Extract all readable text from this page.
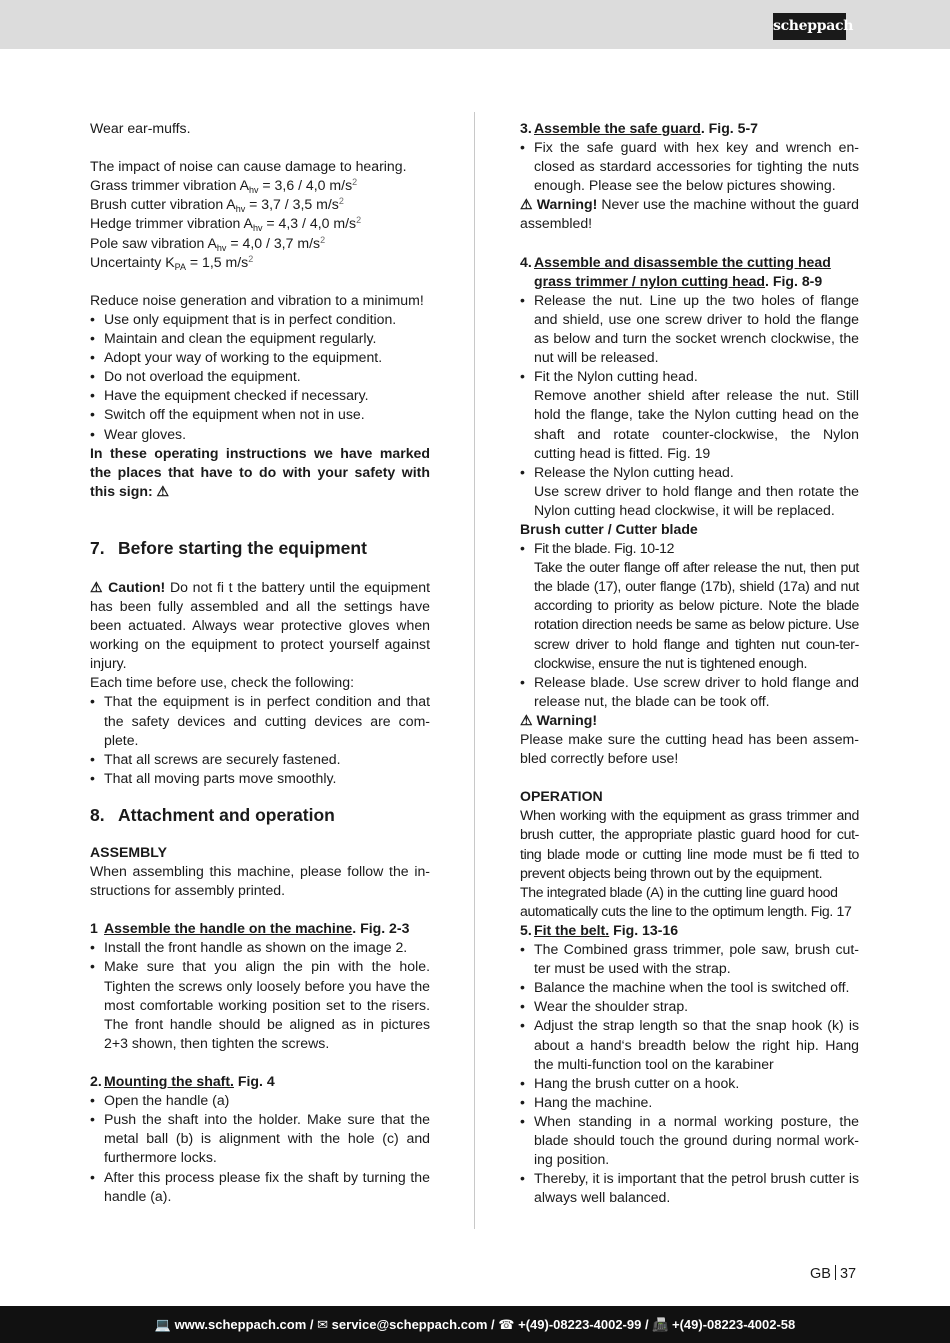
scheppach

Wear ear-muffs.

The impact of noise can cause damage to hearing.

Grass trimmer vibration $A_{hv} = 3,6 / 4,0$ $m/s^2$

Brush cutter vibration $A_{hv} = 3,7 / 3,5$ $m/s^2$

Hedge trimmer vibration $A_{hv} = 4,3 / 4,0$ $m/s^2$

Pole saw vibration $A_{hv} = 4,0 / 3,7$ $m/s^2$

Uncertainty $K_{PA} = 1,5$ $m/s^2$

Reduce noise generation and vibration to a minimum!

• Use only equipment that is in perfect condition.
• Maintain and clean the equipment regularly.
• Adopt your way of working to the equipment.
• Do not overload the equipment.
• Have the equipment checked if necessary.
• Switch off the equipment when not in use.
• Wear gloves.

In these operating instructions we have marked the places that have to do with your safety with this sign: ⚠

7. Before starting the equipment

⚠ Caution! Do not fi t the battery until the equipment has been fully assembled and all the settings have been actuated. Always wear protective gloves when working on the equipment to protect yourself against injury.

Each time before use, check the following:

• That the equipment is in perfect condition and that the safety devices and cutting devices are com-plete.
• That all screws are securely fastened.
• That all moving parts move smoothly.

8. Attachment and operation

ASSEMBLY

When assembling this machine, please follow the in-structions for assembly printed.

1 Assemble the handle on the machine. Fig. 2-3

• Install the front handle as shown on the image 2.
• Make sure that you align the pin with the hole. Tighten the screws only loosely before you have the most comfortable working position set to the risers. The front handle should be aligned as in pictures 2+3 shown, then tighten the screws.

2. Mounting the shaft. Fig. 4

• Open the handle (a)
• Push the shaft into the holder. Make sure that the metal ball (b) is alignment with the hole (c) and furthermore locks.
• After this process please fix the shaft by turning the handle (a).

3. Assemble the safe guard. Fig. 5-7

• Fix the safe guard with hex key and wrench en-closed as stardard accessories for tighting the nuts enough. Please see the below pictures showing.

⚠ Warning! Never use the machine without the guard assembled!

4. Assemble and disassemble the cutting head grass trimmer / nylon cutting head. Fig. 8-9

• Release the nut. Line up the two holes of flange and shield, use one screw driver to hold the flange as below and turn the socket wrench clockwise, the nut will be released.
• Fit the Nylon cutting head.
Remove another shield after release the nut. Still hold the flange, take the Nylon cutting head on the shaft and rotate counter-clockwise, the Nylon cutting head is fitted. Fig. 19
• Release the Nylon cutting head.
Use screw driver to hold flange and then rotate the Nylon cutting head clockwise, it will be replaced.

Brush cutter / Cutter blade

• Fit the blade. Fig. 10-12
Take the outer flange off after release the nut, then put the blade (17), outer flange (17b), shield (17a) and nut according to priority as below picture. Note the blade rotation direction needs be same as below picture. Use screw driver to hold flange and tighten nut coun-ter-clockwise, ensure the nut is tightened enough.
• Release blade. Use screw driver to hold flange and release nut, the blade can be took off.

⚠ Warning!

Please make sure the cutting head has been assem-bled correctly before use!

OPERATION

When working with the equipment as grass trimmer and brush cutter, the appropriate plastic guard hood for cut-ting blade mode or cutting line mode must be fi tted to prevent objects being thrown out by the equipment.

The integrated blade (A) in the cutting line guard hood automatically cuts the line to the optimum length. Fig. 17

5. Fit the belt. Fig. 13-16

• The Combined grass trimmer, pole saw, brush cut-ter must be used with the strap.
• Balance the machine when the tool is switched off.
• Wear the shoulder strap.
• Adjust the strap length so that the snap hook (k) is about a hand‘s breadth below the right hip. Hang the multi-function tool on the karabiner
• Hang the brush cutter on a hook.
• Hang the machine.
• When standing in a normal working posture, the blade should touch the ground during normal work-ing position.
• Thereby, it is important that the petrol brush cutter is always well balanced.
GB 37
💻 www.scheppach.com / ✉ service@scheppach.com / ☎ +(49)-08223-4002-99 / 📠 +(49)-08223-4002-58
